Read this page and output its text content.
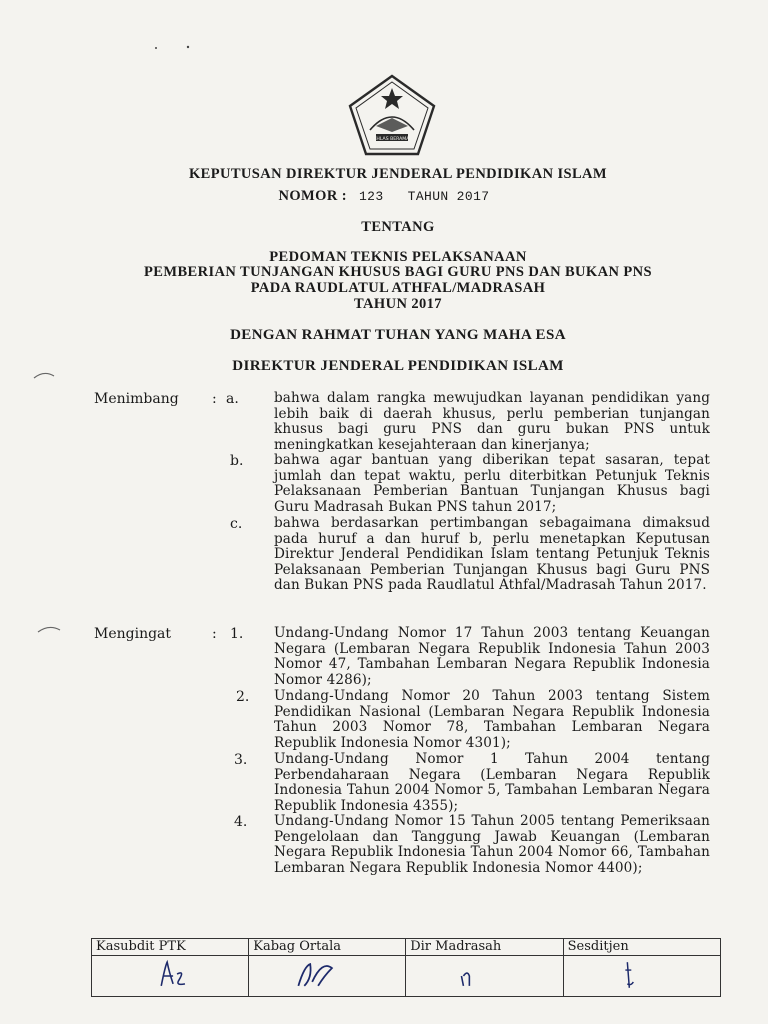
IKHLAS BERAMAL
KEPUTUSAN DIREKTUR JENDERAL PENDIDIKAN ISLAM
NOMOR : 123 TAHUN 2017
TENTANG
PEDOMAN TEKNIS PELAKSANAAN
PEMBERIAN TUNJANGAN KHUSUS BAGI GURU PNS DAN BUKAN PNS
PADA RAUDLATUL ATHFAL/MADRASAH
TAHUN 2017
DENGAN RAHMAT TUHAN YANG MAHA ESA
DIREKTUR JENDERAL PENDIDIKAN ISLAM
Menimbang : a.	bahwa dalam rangka mewujudkan layanan pendidikan yang lebih baik di daerah khusus, perlu pemberian tunjangan khusus bagi guru PNS dan guru bukan PNS untuk meningkatkan kesejahteraan dan kinerjanya;
b. bahwa agar bantuan yang diberikan tepat sasaran, tepat jumlah dan tepat waktu, perlu diterbitkan Petunjuk Teknis Pelaksanaan Pemberian Bantuan Tunjangan Khusus bagi Guru Madrasah Bukan PNS tahun 2017;
c. bahwa berdasarkan pertimbangan sebagaimana dimaksud pada huruf a dan huruf b, perlu menetapkan Keputusan Direktur Jenderal Pendidikan Islam tentang Petunjuk Teknis Pelaksanaan Pemberian Tunjangan Khusus bagi Guru PNS dan Bukan PNS pada Raudlatul Athfal/Madrasah Tahun 2017.
Mengingat	: 1. Undang-Undang Nomor 17 Tahun 2003 tentang Keuangan Negara (Lembaran Negara Republik Indonesia Tahun 2003 Nomor 47, Tambahan Lembaran Negara Republik Indonesia Nomor 4286);
2. Undang-Undang Nomor 20 Tahun 2003 tentang Sistem Pendidikan Nasional (Lembaran Negara Republik Indonesia Tahun 2003 Nomor 78, Tambahan Lembaran Negara Republik Indonesia Nomor 4301);
3. Undang-Undang Nomor 1 Tahun 2004 tentang Perbendaharaan Negara (Lembaran Negara Republik Indonesia Tahun 2004 Nomor 5, Tambahan Lembaran Negara Republik Indonesia 4355);
4. Undang-Undang Nomor 15 Tahun 2005 tentang Pemeriksaan Pengelolaan dan Tanggung Jawab Keuangan (Lembaran Negara Republik Indonesia Tahun 2004 Nomor 66, Tambahan Lembaran Negara Republik Indonesia Nomor 4400);
Kasubdit PTK	Kabag Ortala	Dir Madrasah	Sesditjen
